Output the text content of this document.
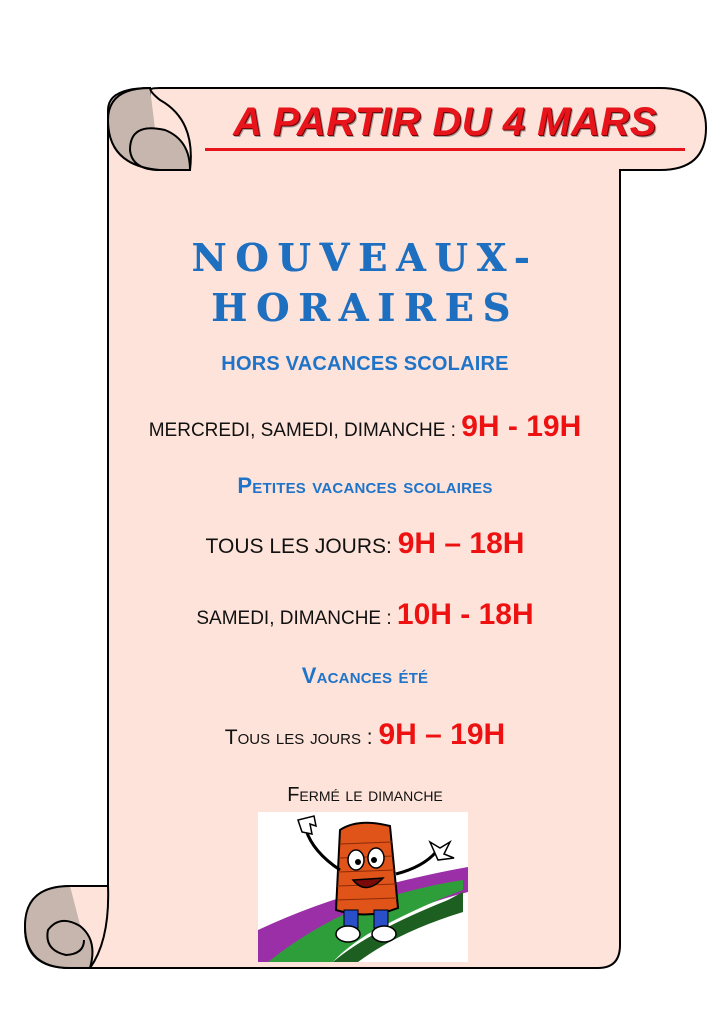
A PARTIR DU 4 MARS
NOUVEAUX-
HORAIRES
HORS VACANCES SCOLAIRE
MERCREDI, SAMEDI, DIMANCHE : 9H - 19H
Petites vacances scolaires
TOUS LES JOURS: 9H – 18H
SAMEDI, DIMANCHE : 10H - 18H
Vacances été
Tous les jours : 9H – 19H
Fermé le dimanche
